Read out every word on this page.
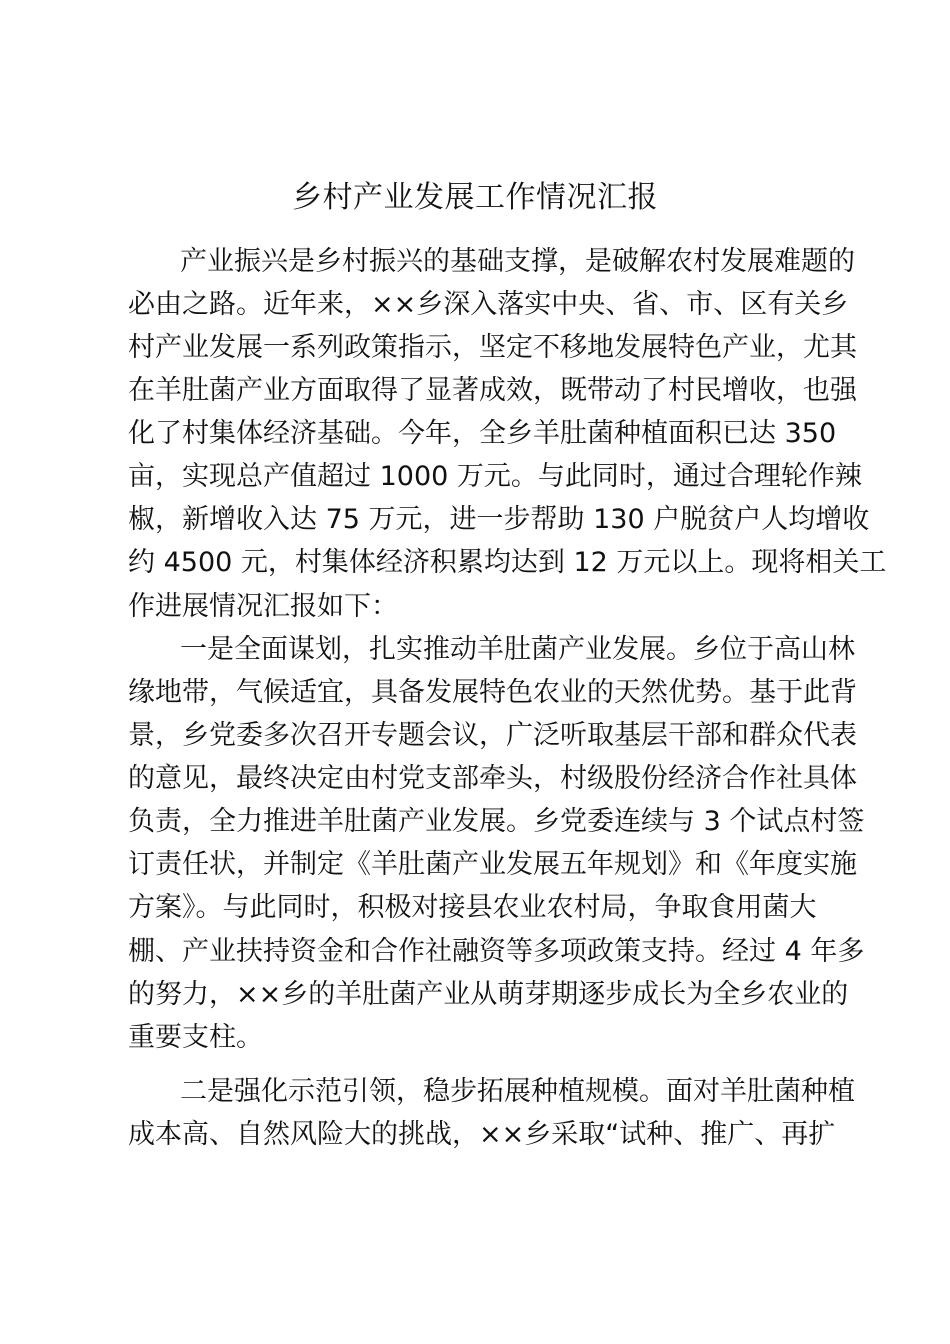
乡村产业发展工作情况汇报
产业振兴是乡村振兴的基础支撑，是破解农村发展难题的
必由之路。近年来，××乡深入落实中央、省、市、区有关乡
村产业发展一系列政策指示，坚定不移地发展特色产业，尤其
在羊肚菌产业方面取得了显著成效，既带动了村民增收，也强
化了村集体经济基础。今年，全乡羊肚菌种植面积已达 350
亩，实现总产值超过 1000 万元。与此同时，通过合理轮作辣
椒，新增收入达 75 万元，进一步帮助 130 户脱贫户人均增收
约 4500 元，村集体经济积累均达到 12 万元以上。现将相关工
作进展情况汇报如下：
一是全面谋划，扎实推动羊肚菌产业发展。乡位于高山林
缘地带，气候适宜，具备发展特色农业的天然优势。基于此背
景，乡党委多次召开专题会议，广泛听取基层干部和群众代表
的意见，最终决定由村党支部牵头，村级股份经济合作社具体
负责，全力推进羊肚菌产业发展。乡党委连续与 3 个试点村签
订责任状，并制定《羊肚菌产业发展五年规划》和《年度实施
方案》。与此同时，积极对接县农业农村局，争取食用菌大
棚、产业扶持资金和合作社融资等多项政策支持。经过 4 年多
的努力，××乡的羊肚菌产业从萌芽期逐步成长为全乡农业的
重要支柱。
二是强化示范引领，稳步拓展种植规模。面对羊肚菌种植
成本高、自然风险大的挑战，××乡采取“试种、推广、再扩
